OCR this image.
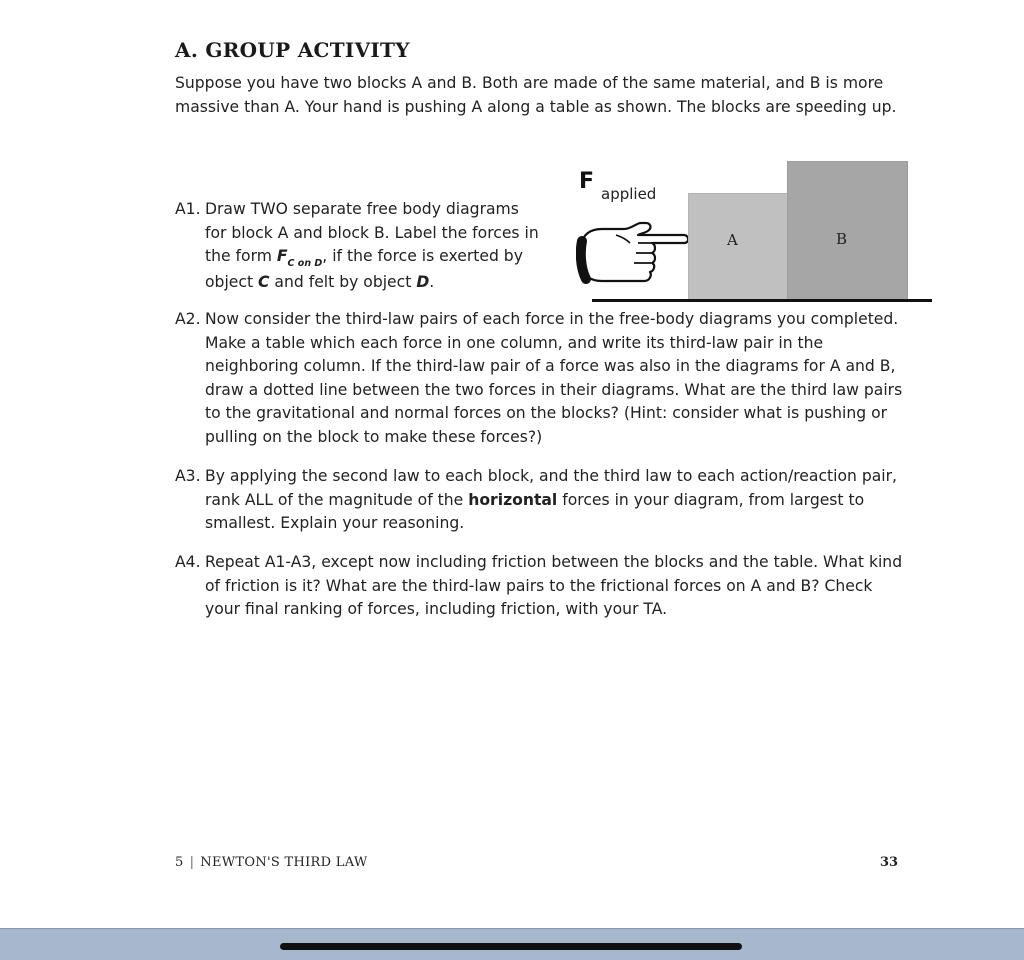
A. GROUP ACTIVITY
Suppose you have two blocks A and B. Both are made of the same material, and B is more massive than A. Your hand is pushing A along a table as shown. The blocks are speeding up.
F applied
A	B
A1. Draw TWO separate free body diagrams for block A and block B. Label the forces in the form $F_{C on D}$, if the force is exerted by object C and felt by object D.
A2. Now consider the third-law pairs of each force in the free-body diagrams you completed. Make a table which each force in one column, and write its third-law pair in the neighboring column. If the third-law pair of a force was also in the diagrams for A and B, draw a dotted line between the two forces in their diagrams. What are the third law pairs to the gravitational and normal forces on the blocks? (Hint: consider what is pushing or pulling on the block to make these forces?)
A3. By applying the second law to each block, and the third law to each action/reaction pair, rank ALL of the magnitude of the horizontal forces in your diagram, from largest to smallest. Explain your reasoning.
A4. Repeat A1-A3, except now including friction between the blocks and the table. What kind of friction is it? What are the third-law pairs to the frictional forces on A and B? Check your final ranking of forces, including friction, with your TA.
5 | NEWTON'S THIRD LAW	33
